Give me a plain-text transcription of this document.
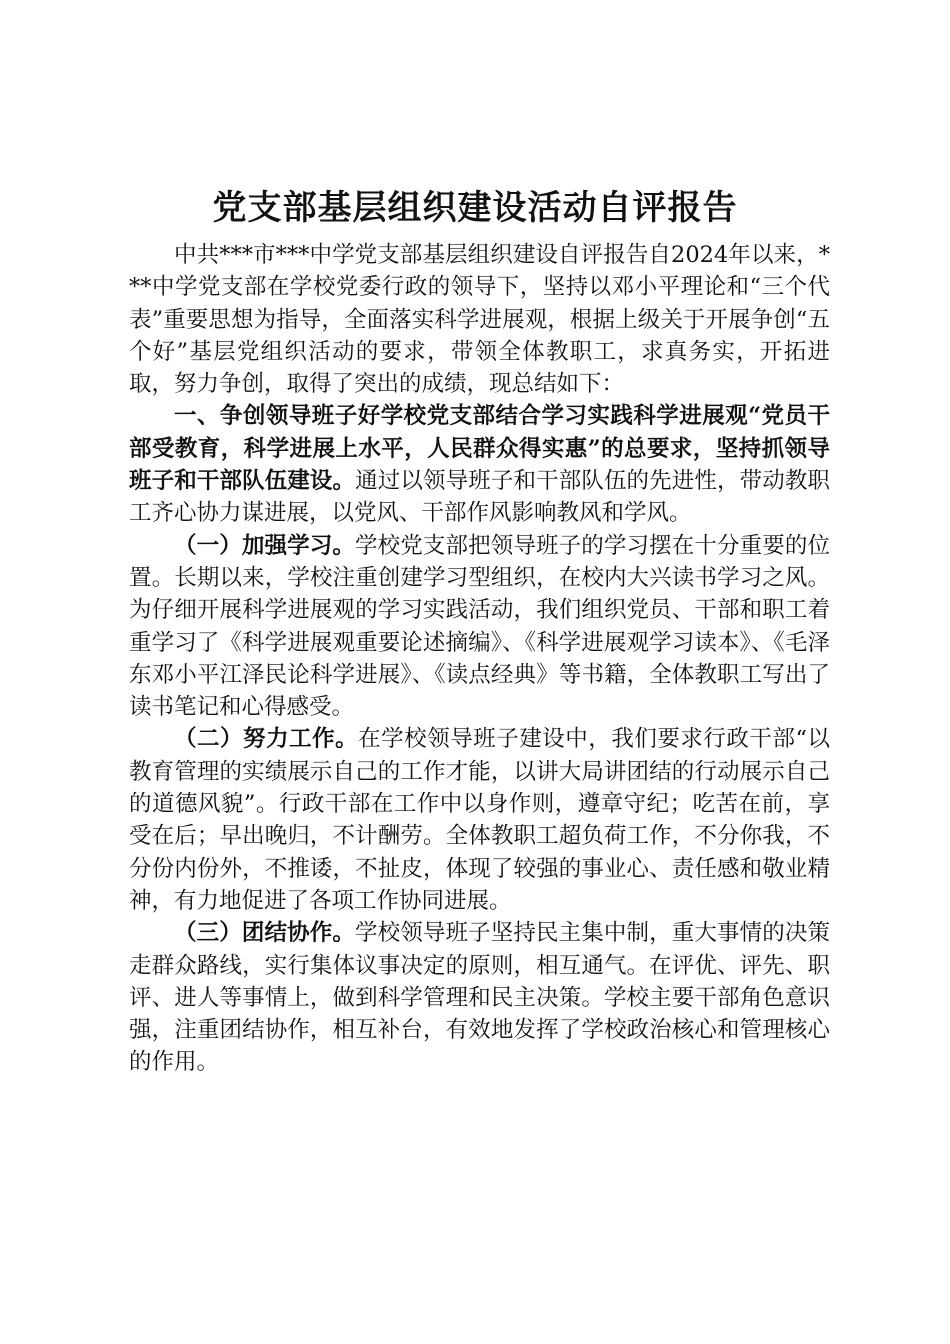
党支部基层组织建设活动自评报告

中共***市***中学党支部基层组织建设自评报告自2024年以来，***中学党支部在学校党委行政的领导下，坚持以邓小平理论和“三个代表”重要思想为指导，全面落实科学进展观，根据上级关于开展争创“五个好”基层党组织活动的要求，带领全体教职工，求真务实，开拓进取，努力争创，取得了突出的成绩，现总结如下：

一、争创领导班子好学校党支部结合学习实践科学进展观“党员干部受教育，科学进展上水平，人民群众得实惠”的总要求，坚持抓领导班子和干部队伍建设。通过以领导班子和干部队伍的先进性，带动教职工齐心协力谋进展，以党风、干部作风影响教风和学风。

（一）加强学习。学校党支部把领导班子的学习摆在十分重要的位置。长期以来，学校注重创建学习型组织，在校内大兴读书学习之风。为仔细开展科学进展观的学习实践活动，我们组织党员、干部和职工着重学习了《科学进展观重要论述摘编》、《科学进展观学习读本》、《毛泽东邓小平江泽民论科学进展》、《读点经典》等书籍，全体教职工写出了读书笔记和心得感受。

（二）努力工作。在学校领导班子建设中，我们要求行政干部“以教育管理的实绩展示自己的工作才能，以讲大局讲团结的行动展示自己的道德风貌”。行政干部在工作中以身作则，遵章守纪；吃苦在前，享受在后；早出晚归，不计酬劳。全体教职工超负荷工作，不分你我，不分份内份外，不推诿，不扯皮，体现了较强的事业心、责任感和敬业精神，有力地促进了各项工作协同进展。

（三）团结协作。学校领导班子坚持民主集中制，重大事情的决策走群众路线，实行集体议事决定的原则，相互通气。在评优、评先、职评、进人等事情上，做到科学管理和民主决策。学校主要干部角色意识强，注重团结协作，相互补台，有效地发挥了学校政治核心和管理核心的作用。
